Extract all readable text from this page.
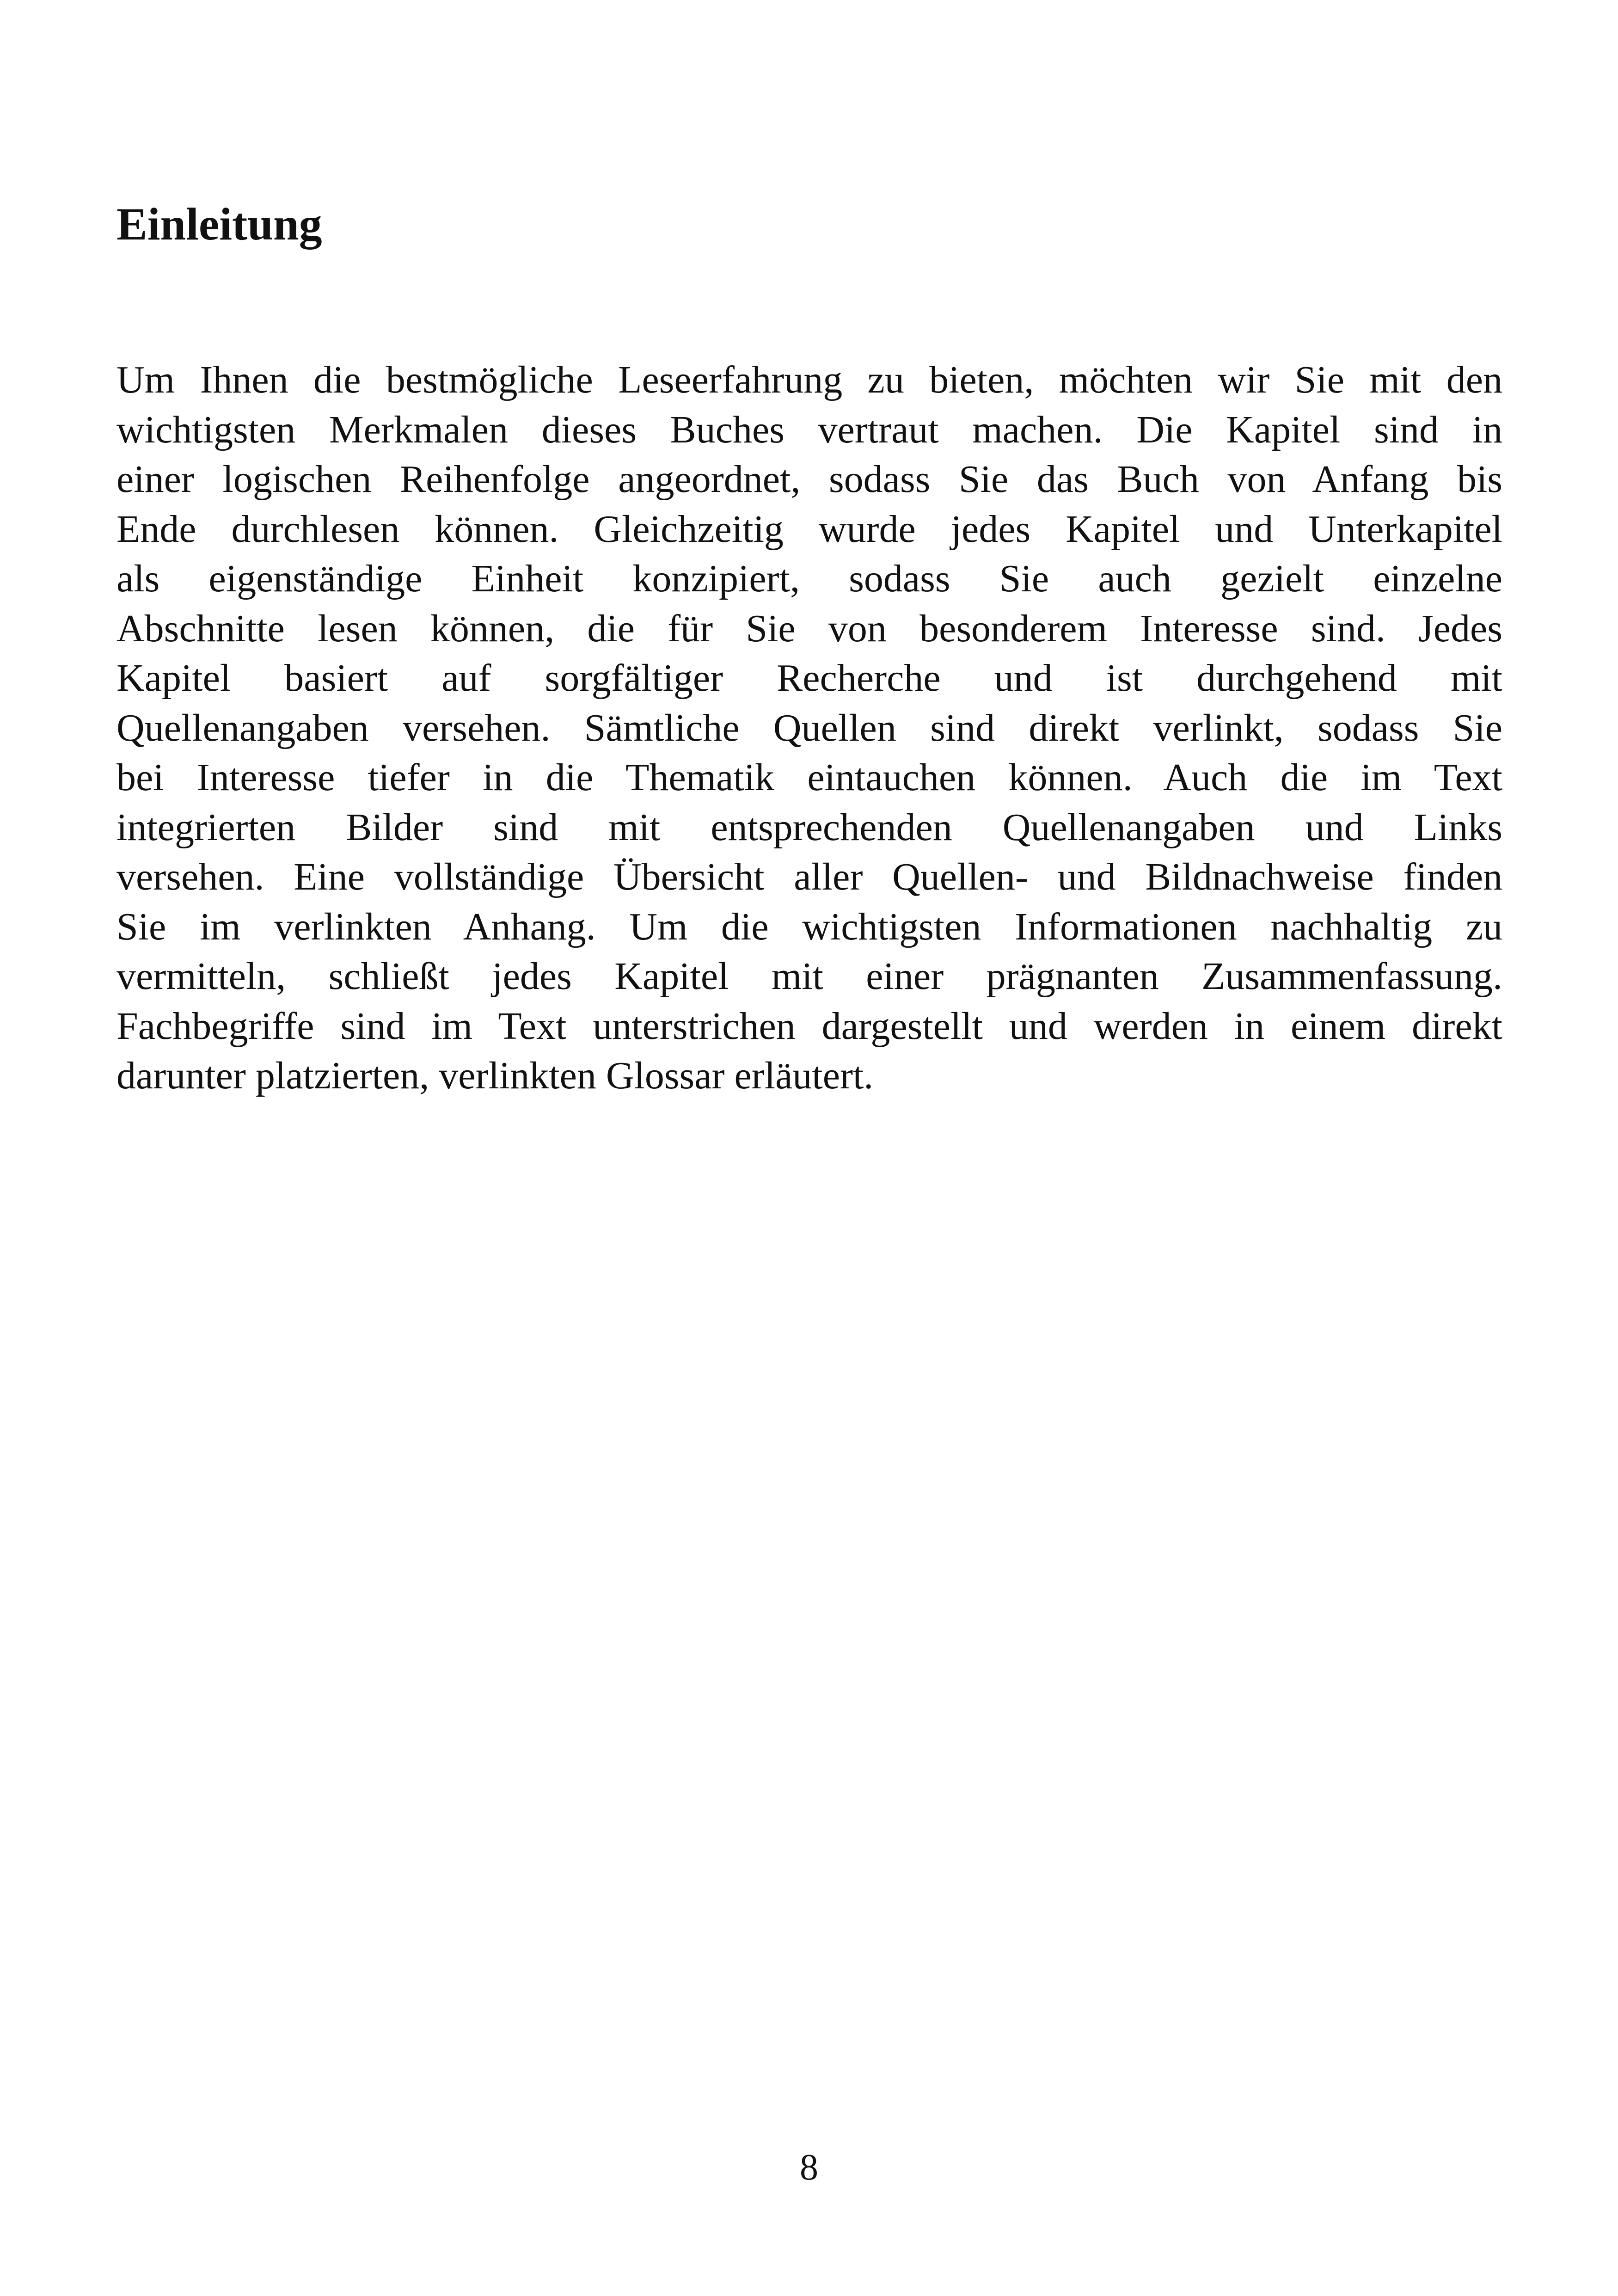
Einleitung
Um Ihnen die bestmögliche Leseerfahrung zu bieten, möchten wir Sie mit den
wichtigsten Merkmalen dieses Buches vertraut machen. Die Kapitel sind in
einer logischen Reihenfolge angeordnet, sodass Sie das Buch von Anfang bis
Ende durchlesen können. Gleichzeitig wurde jedes Kapitel und Unterkapitel
als eigenständige Einheit konzipiert, sodass Sie auch gezielt einzelne
Abschnitte lesen können, die für Sie von besonderem Interesse sind. Jedes
Kapitel basiert auf sorgfältiger Recherche und ist durchgehend mit
Quellenangaben versehen. Sämtliche Quellen sind direkt verlinkt, sodass Sie
bei Interesse tiefer in die Thematik eintauchen können. Auch die im Text
integrierten Bilder sind mit entsprechenden Quellenangaben und Links
versehen. Eine vollständige Übersicht aller Quellen- und Bildnachweise finden
Sie im verlinkten Anhang. Um die wichtigsten Informationen nachhaltig zu
vermitteln, schließt jedes Kapitel mit einer prägnanten Zusammenfassung.
Fachbegriffe sind im Text unterstrichen dargestellt und werden in einem direkt
darunter platzierten, verlinkten Glossar erläutert.
8
